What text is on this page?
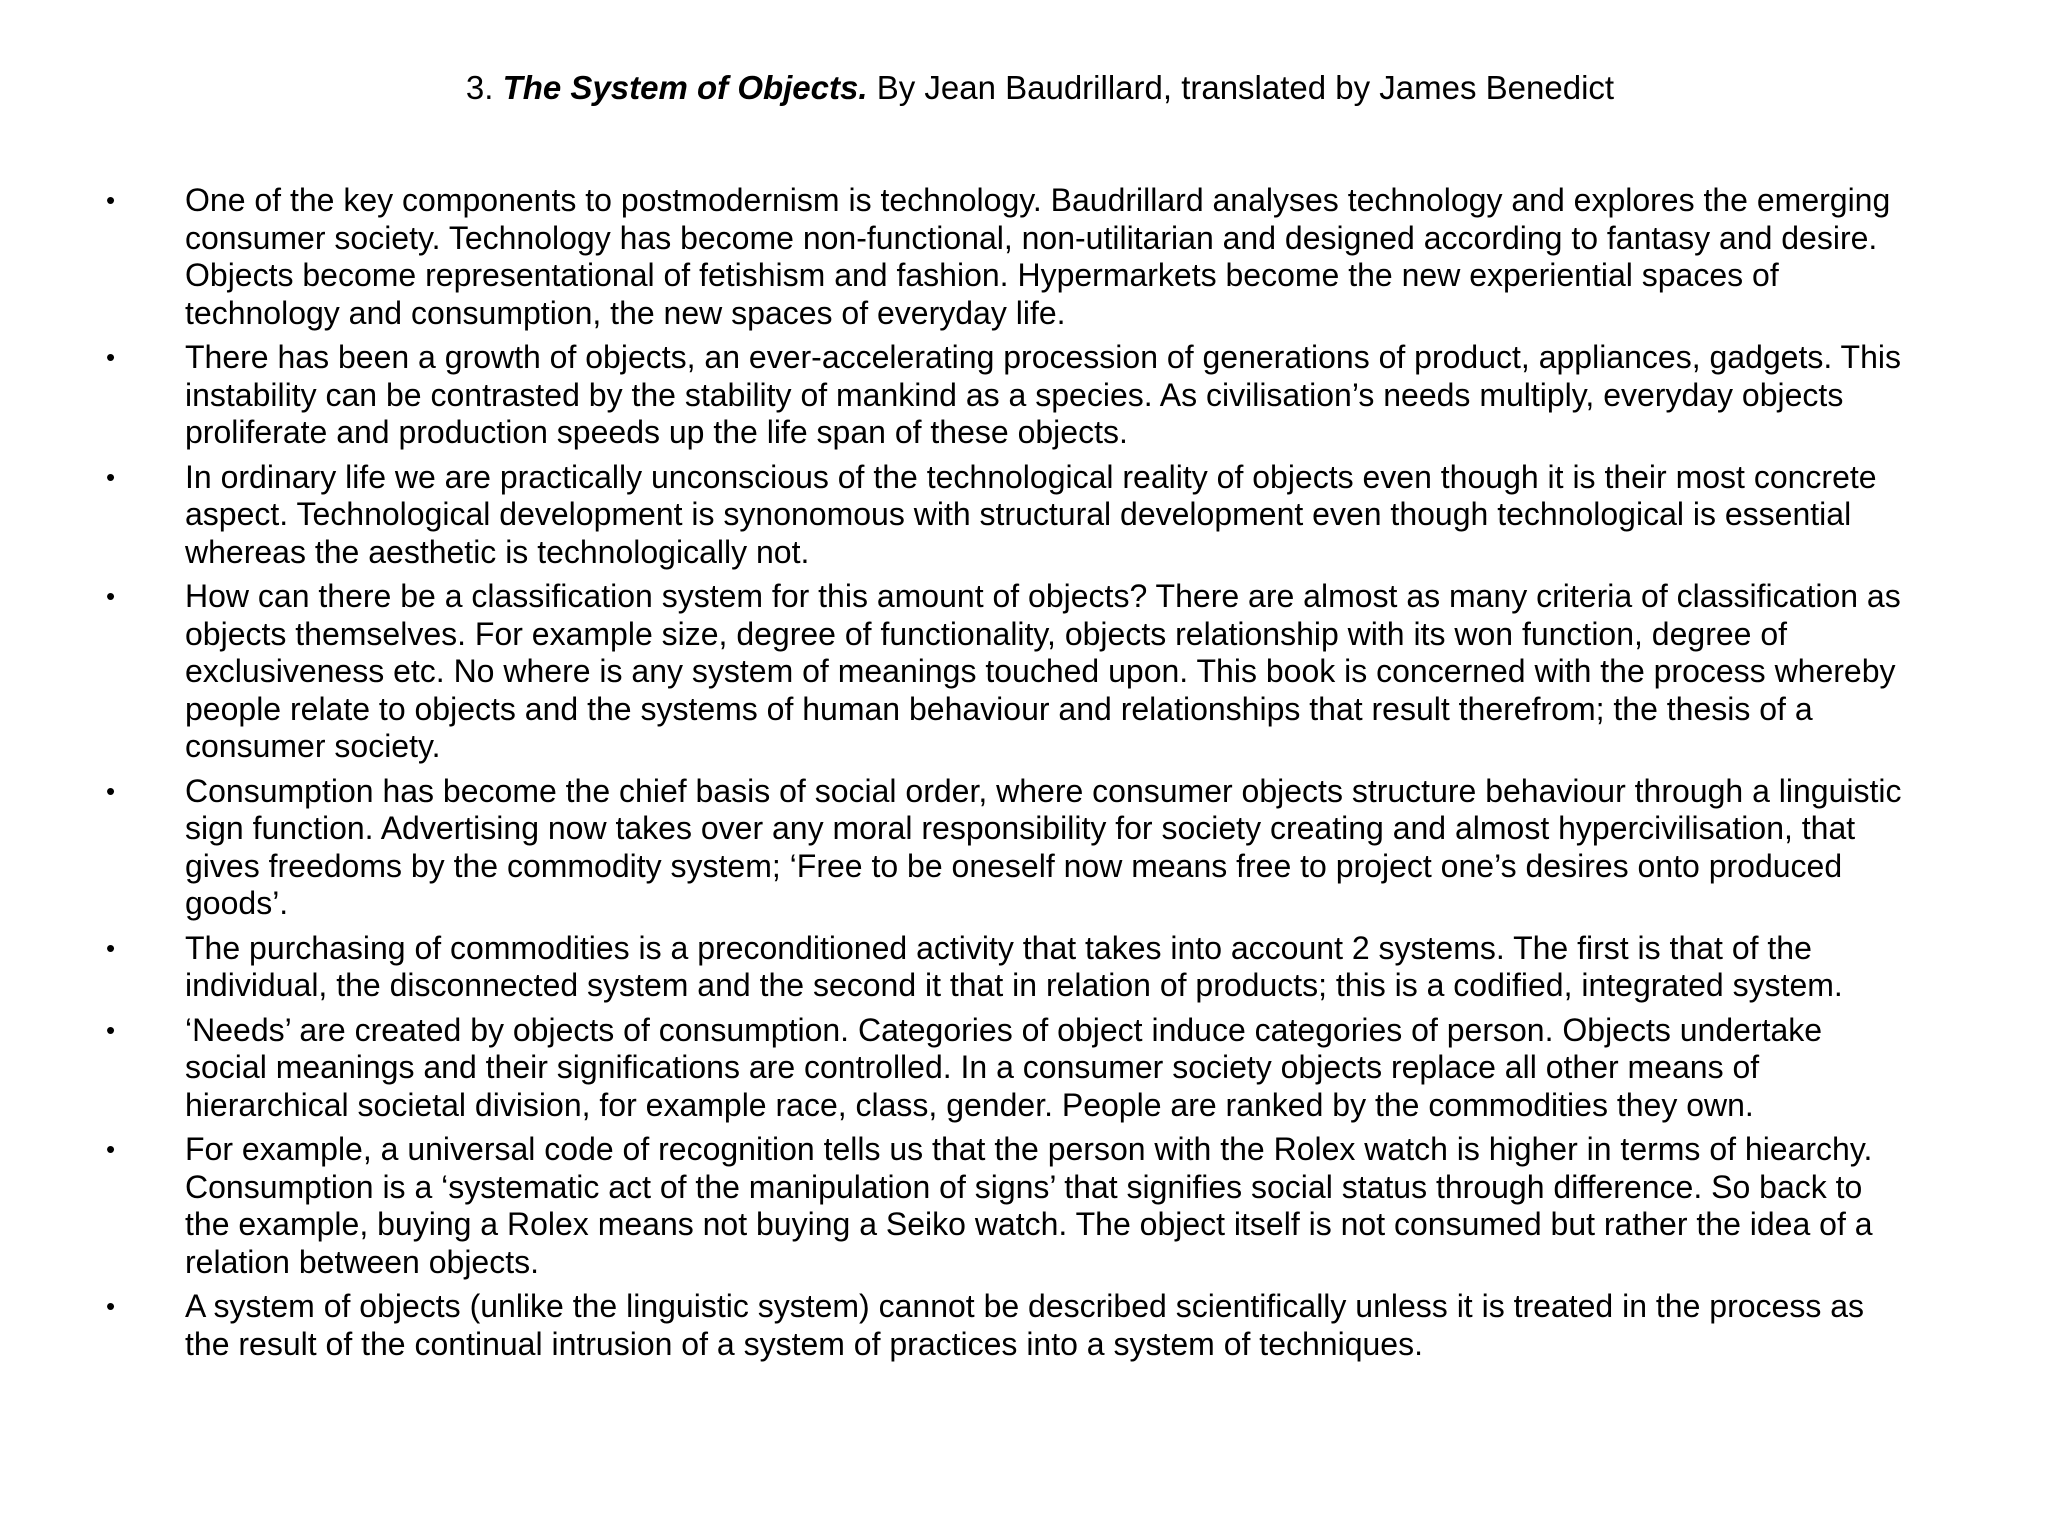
3. The System of Objects. By Jean Baudrillard, translated by James Benedict
• One of the key components to postmodernism is technology. Baudrillard analyses technology and explores the emerging
consumer society. Technology has become non-functional, non-utilitarian and designed according to fantasy and desire.
Objects become representational of fetishism and fashion. Hypermarkets become the new experiential spaces of
technology and consumption, the new spaces of everyday life.
• There has been a growth of objects, an ever-accelerating procession of generations of product, appliances, gadgets. This
instability can be contrasted by the stability of mankind as a species. As civilisation’s needs multiply, everyday objects
proliferate and production speeds up the life span of these objects.
• In ordinary life we are practically unconscious of the technological reality of objects even though it is their most concrete
aspect. Technological development is synonomous with structural development even though technological is essential
whereas the aesthetic is technologically not.
• How can there be a classification system for this amount of objects? There are almost as many criteria of classification as
objects themselves. For example size, degree of functionality, objects relationship with its won function, degree of
exclusiveness etc. No where is any system of meanings touched upon. This book is concerned with the process whereby
people relate to objects and the systems of human behaviour and relationships that result therefrom; the thesis of a
consumer society.
• Consumption has become the chief basis of social order, where consumer objects structure behaviour through a linguistic
sign function. Advertising now takes over any moral responsibility for society creating and almost hypercivilisation, that
gives freedoms by the commodity system; ‘Free to be oneself now means free to project one’s desires onto produced
goods’.
• The purchasing of commodities is a preconditioned activity that takes into account 2 systems. The first is that of the
individual, the disconnected system and the second it that in relation of products; this is a codified, integrated system.
• ‘Needs’ are created by objects of consumption. Categories of object induce categories of person. Objects undertake
social meanings and their significations are controlled. In a consumer society objects replace all other means of
hierarchical societal division, for example race, class, gender. People are ranked by the commodities they own.
• For example, a universal code of recognition tells us that the person with the Rolex watch is higher in terms of hiearchy.
Consumption is a ‘systematic act of the manipulation of signs’ that signifies social status through difference. So back to
the example, buying a Rolex means not buying a Seiko watch. The object itself is not consumed but rather the idea of a
relation between objects.
• A system of objects (unlike the linguistic system) cannot be described scientifically unless it is treated in the process as
the result of the continual intrusion of a system of practices into a system of techniques.
